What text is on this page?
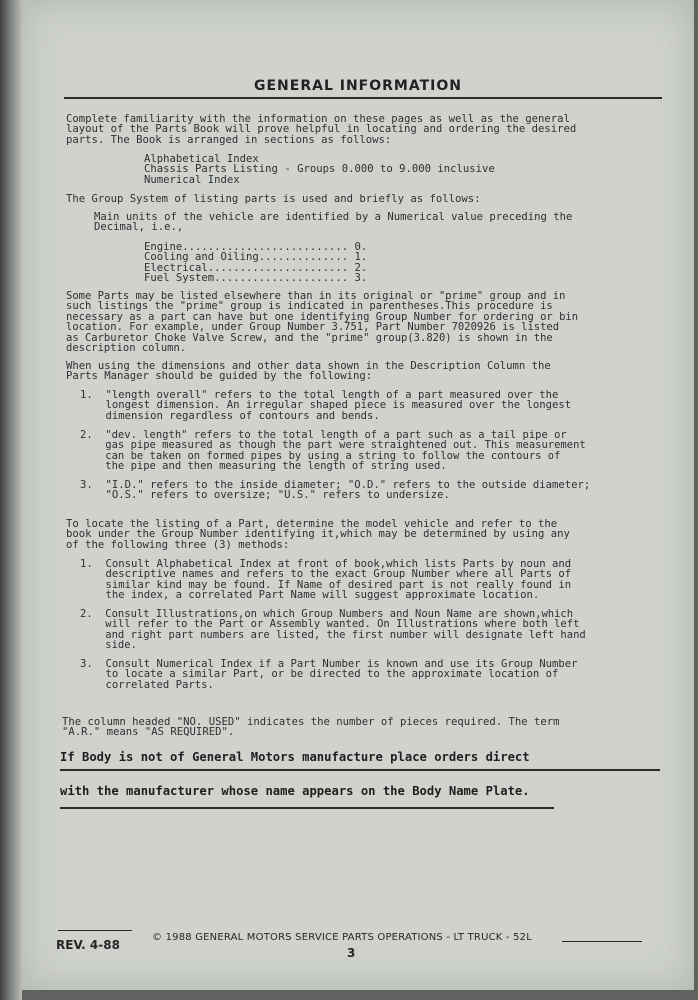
GENERAL INFORMATION
Complete familiarity with the information on these pages as well as the general
layout of the Parts Book will prove helpful in locating and ordering the desired
parts. The Book is arranged in sections as follows:
Alphabetical Index
Chassis Parts Listing - Groups 0.000 to 9.000 inclusive
Numerical Index
The Group System of listing parts is used and briefly as follows:
Main units of the vehicle are identified by a Numerical value preceding the
Decimal, i.e.,
Engine.......................... 0.
Cooling and Oiling.............. 1.
Electrical...................... 2.
Fuel System..................... 3.
Some Parts may be listed elsewhere than in its original or "prime" group and in
such listings the "prime" group is indicated in parentheses.This procedure is
necessary as a part can have but one identifying Group Number for ordering or bin
location. For example, under Group Number 3.751, Part Number 7020926 is listed
as Carburetor Choke Valve Screw, and the "prime" group(3.820) is shown in the
description column.
When using the dimensions and other data shown in the Description Column the
Parts Manager should be guided by the following:
1.  "length overall" refers to the total length of a part measured over the
longest dimension. An irregular shaped piece is measured over the longest
dimension regardless of contours and bends.
2.  "dev. length" refers to the total length of a part such as a tail pipe or
gas pipe measured as though the part were straightened out. This measurement
can be taken on formed pipes by using a string to follow the contours of
the pipe and then measuring the length of string used.
3.  "I.D." refers to the inside diameter; "O.D." refers to the outside diameter;
"O.S." refers to oversize; "U.S." refers to undersize.
To locate the listing of a Part, determine the model vehicle and refer to the
book under the Group Number identifying it,which may be determined by using any
of the following three (3) methods:
1.  Consult Alphabetical Index at front of book,which lists Parts by noun and
descriptive names and refers to the exact Group Number where all Parts of
similar kind may be found. If Name of desired part is not really found in
the index, a correlated Part Name will suggest approximate location.
2.  Consult Illustrations,on which Group Numbers and Noun Name are shown,which
will refer to the Part or Assembly wanted. On Illustrations where both left
and right part numbers are listed, the first number will designate left hand
side.
3.  Consult Numerical Index if a Part Number is known and use its Group Number
to locate a similar Part, or be directed to the approximate location of
correlated Parts.
The column headed "NO. USED" indicates the number of pieces required. The term
"A.R." means "AS REQUIRED".
If Body is not of General Motors manufacture place orders direct
with the manufacturer whose name appears on the Body Name Plate.
REV. 4-88
© 1988 GENERAL MOTORS SERVICE PARTS OPERATIONS - LT TRUCK - 52L
3
